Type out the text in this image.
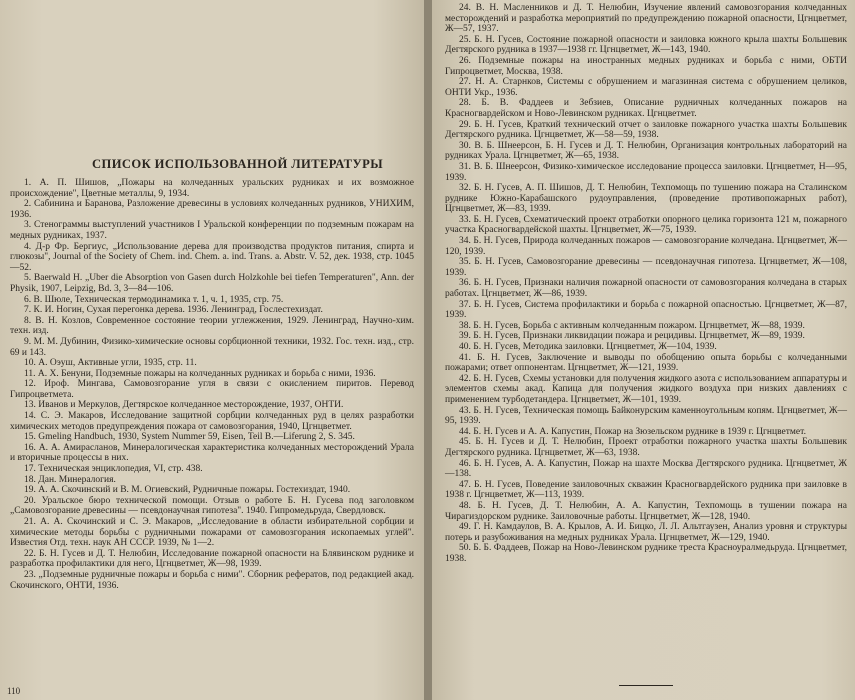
СПИСОК ИСПОЛЬЗОВАННОЙ ЛИТЕРАТУРЫ

1. А. П. Шишов, „Пожары на колчеданных уральских рудниках и их возможное происхождение", Цветные металлы, 9, 1934.

2. Сабинина и Баранова, Разложение древесины в условиях колчеданных рудников, УНИХИМ, 1936.

3. Стенограммы выступлений участников I Уральской конференции по подземным пожарам на медных рудниках, 1937.

4. Д-р Фр. Бергиус, „Использование дерева для производства продуктов питания, спирта и глюкозы", Journal of the Society of Chem. ind. Chem. a. ind. Trans. a. Abstr. V. 52, дек. 1938, стр. 1045—52.

5. Baerwald H. „Uber die Absorption von Gasen durch Holzkohle bei tiefen Temperaturen", Ann. der Physik, 1907, Leipzig, Bd. 3, 3—84—106.

6. В. Шюле, Техническая термодинамика т. 1, ч. 1, 1935, стр. 75.

7. К. И. Ногин, Сухая перегонка дерева. 1936. Ленинград, Гослестехиздат.

8. В. Н. Козлов, Современное состояние теории углежжения, 1929. Ленинград, Научно-хим. техн. изд.

9. М. М. Дубинин, Физико-химические основы сорбционной техники, 1932. Гос. техн. изд., стр. 69 и 143.

10. А. Оэуш, Активные угли, 1935, стр. 11.

11. А. Х. Бенуни, Подземные пожары на колчеданных рудниках и борьба с ними, 1936.

12. Ироф. Мингава, Самовозгорание угля в связи с окислением пиритов. Перевод Гипроцветмета.

13. Иванов и Меркулов, Дегтярское колчеданное месторождение, 1937, ОНТИ.

14. С. Э. Макаров, Исследование защитной сорбции колчеданных руд в целях разработки химических методов предупреждения пожара от самовозгорания, 1940, Цгнцветмет.

15. Gmeling Handbuch, 1930, System Nummer 59, Eisen, Teil B.—Liferung 2, S. 345.

16. А. А. Амирасланов, Минералогическая характеристика колчеданных месторождений Урала и вторичные процессы в них.

17. Техническая энциклопедия, VI, стр. 438.

18. Дан. Минералогия.

19. А. А. Скочинский и В. М. Огиевский, Рудничные пожары. Гостехиздат, 1940.

20. Уральское бюро технической помощи. Отзыв о работе Б. Н. Гусева под заголовком „Самовозгорание древесины — псевдонаучная гипотеза". 1940. Гипромедьруда, Свердловск.

21. А. А. Скочинский и С. Э. Макаров, „Исследование в области избирательной сорбции и химические методы борьбы с рудничными пожарами от самовозгорания ископаемых углей". Известия Отд. техн. наук АН СССР. 1939, № 1—2.

22. Б. Н. Гусев и Д. Т. Нелюбин, Исследование пожарной опасности на Блявинском руднике и разработка профилактики для него, Цгнцветмет, Ж—98, 1939.

23. „Подземные рудничные пожары и борьба с ними". Сборник рефератов, под редакцией акад. Скочинского, ОНТИ, 1936.

110

24. В. Н. Масленников и Д. Т. Нелюбин, Изучение явлений самовозгорания колчеданных месторождений и разработка мероприятий по предупреждению пожарной опасности, Цгнцветмет, Ж—57, 1937.

25. Б. Н. Гусев, Состояние пожарной опасности и заиловка южного крыла шахты Большевик Дегтярского рудника в 1937—1938 гг. Цгнцветмет, Ж—143, 1940.

26. Подземные пожары на иностранных медных рудниках и борьба с ними, ОБТИ Гипроцветмет, Москва, 1938.

27. Н. А. Старнков, Системы с обрушением и магазинная система с обрушением целиков, ОНТИ Укр., 1936.

28. Б. В. Фаддеев и Зебзиев, Описание рудничных колчеданных пожаров на Красногвардейском и Ново-Левинском рудниках. Цгнцветмет.

29. Б. Н. Гусев, Краткий технический отчет о заиловке пожарного участка шахты Большевик Дегтярского рудника. Цгнцветмет, Ж—58—59, 1938.

30. В. Б. Шнеерсон, Б. Н. Гусев и Д. Т. Нелюбин, Организация контрольных лабораторий на рудниках Урала. Цгнцветмет, Ж—65, 1938.

31. В. Б. Шнеерсон, Физико-химическое исследование процесса заиловки. Цгнцветмет, Н—95, 1939.

32. Б. Н. Гусев, А. П. Шишов, Д. Т. Нелюбин, Техпомощь по тушению пожара на Сталинском руднике Южно-Карабашского рудоуправления, (проведение противопожарных работ), Цгнцветмет, Ж—83, 1939.

33. Б. Н. Гусев, Схематический проект отработки опорного целика горизонта 121 м, пожарного участка Красногвардейской шахты. Цгнцветмет, Ж—75, 1939.

34. Б. Н. Гусев, Природа колчеданных пожаров — самовозгорание колчедана. Цгнцветмет, Ж—120, 1939.

35. Б. Н. Гусев, Самовозгорание древесины — псевдонаучная гипотеза. Цгнцветмет, Ж—108, 1939.

36. Б. Н. Гусев, Признаки наличия пожарной опасности от самовозгорания колчедана в старых работах. Цгнцветмет, Ж—86, 1939.

37. Б. Н. Гусев, Система профилактики и борьба с пожарной опасностью. Цгнцветмет, Ж—87, 1939.

38. Б. Н. Гусев, Борьба с активным колчеданным пожаром. Цгнцветмет, Ж—88, 1939.

39. Б. Н. Гусев, Признаки ликвидации пожара и рецидивы. Цгнцветмет, Ж—89, 1939.

40. Б. Н. Гусев, Методика заиловки. Цгнцветмет, Ж—104, 1939.

41. Б. Н. Гусев, Заключение и выводы по обобщению опыта борьбы с колчеданными пожарами; ответ оппонентам. Цгнцветмет, Ж—121, 1939.

42. Б. Н. Гусев, Схемы установки для получения жидкого азота с использованием аппаратуры и элементов схемы акад. Капица для получения жидкого воздуха при низких давлениях с применением турбодетандера. Цгнцветмет, Ж—101, 1939.

43. Б. Н. Гусев, Техническая помощь Байконурским каменноугольным копям. Цгнцветмет, Ж—95, 1939.

44. Б. Н. Гусев и А. А. Капустин, Пожар на Зюзельском руднике в 1939 г. Цгнцветмет.

45. Б. Н. Гусев и Д. Т. Нелюбин, Проект отработки пожарного участка шахты Большевик Дегтярского рудника. Цгнцветмет, Ж—63, 1938.

46. Б. Н. Гусев, А. А. Капустин, Пожар на шахте Москва Дегтярского рудника. Цгнцветмет, Ж—138.

47. Б. Н. Гусев, Поведение заиловочных скважин Красногвардейского рудника при заиловке в 1938 г. Цгнцветмет, Ж—113, 1939.

48. Б. Н. Гусев, Д. Т. Нелюбин, А. А. Капустин, Техпомощь в тушении пожара на Чирагиздорском руднике. Заиловочные работы. Цгнцветмет, Ж—128, 1940.

49. Г. Н. Камдаулов, В. А. Крылов, А. И. Бицко, Л. Л. Альтгаузен, Анализ уровня и структуры потерь и разубоживания на медных рудниках Урала. Цгнцветмет, Ж—129, 1940.

50. Б. Б. Фаддеев, Пожар на Ново-Левинском руднике треста Красноуралмедьруда. Цгнцветмет, 1938.
